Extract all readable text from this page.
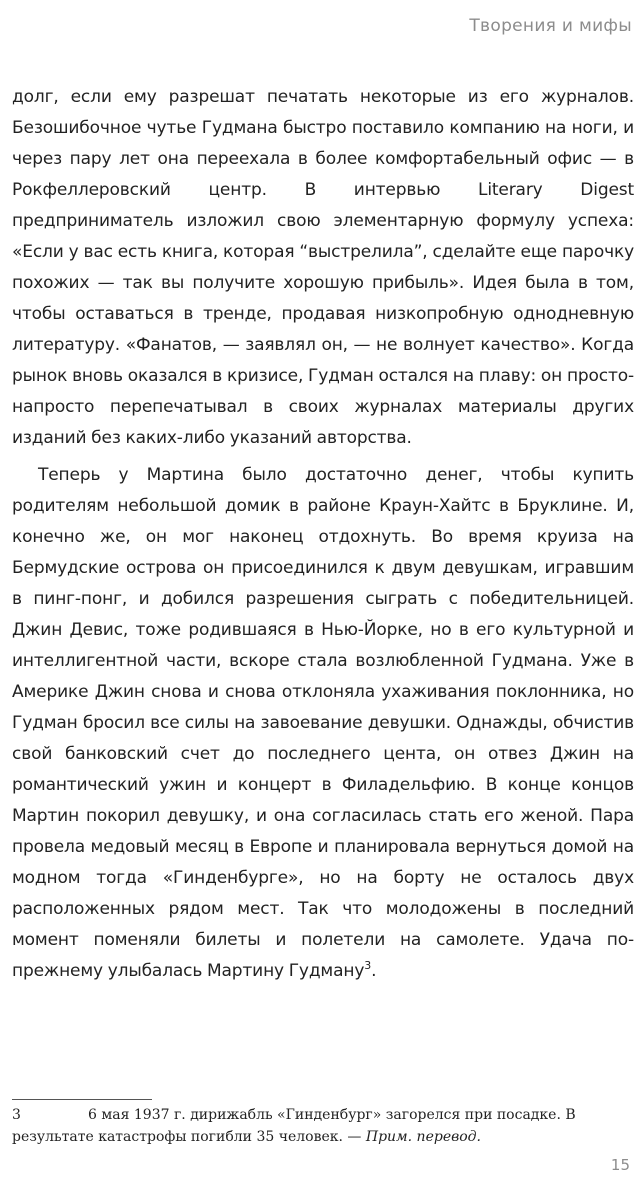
Творения и мифы

долг, если ему разрешат печатать некоторые из его журналов. Безошибочное чутье Гудмана быстро поставило компанию на ноги, и через пару лет она переехала в более комфортабельный офис — в Рокфеллеровский центр. В интервью Literary Digest предприниматель изложил свою элементарную формулу успеха: «Если у вас есть книга, которая “выстрелила”, сделайте еще парочку похожих — так вы получите хорошую прибыль». Идея была в том, чтобы оставаться в тренде, продавая низкопробную однодневную литературу. «Фанатов, — заявлял он, — не волнует качество». Когда рынок вновь оказался в кризисе, Гудман остался на плаву: он просто-напросто перепечатывал в своих журналах материалы других изданий без каких-либо указаний авторства.

Теперь у Мартина было достаточно денег, чтобы купить родителям небольшой домик в районе Краун-Хайтс в Бруклине. И, конечно же, он мог наконец отдохнуть. Во время круиза на Бермудские острова он присоединился к двум девушкам, игравшим в пинг-понг, и добился разрешения сыграть с победительницей. Джин Девис, тоже родившаяся в Нью-Йорке, но в его культурной и интеллигентной части, вскоре стала возлюбленной Гудмана. Уже в Америке Джин снова и снова отклоняла ухаживания поклонника, но Гудман бросил все силы на завоевание девушки. Однажды, обчистив свой банковский счет до последнего цента, он отвез Джин на романтический ужин и концерт в Филадельфию. В конце концов Мартин покорил девушку, и она согласилась стать его женой. Пара провела медовый месяц в Европе и планировала вернуться домой на модном тогда «Гинденбурге», но на борту не осталось двух расположенных рядом мест. Так что молодожены в последний момент поменяли билеты и полетели на самолете. Удача по-прежнему улыбалась Мартину Гудману$^3$.

3	6 мая 1937 г. дирижабль «Гинденбург» загорелся при посадке. В результате катастрофы погибли 35 человек. — Прим. перевод.
15
